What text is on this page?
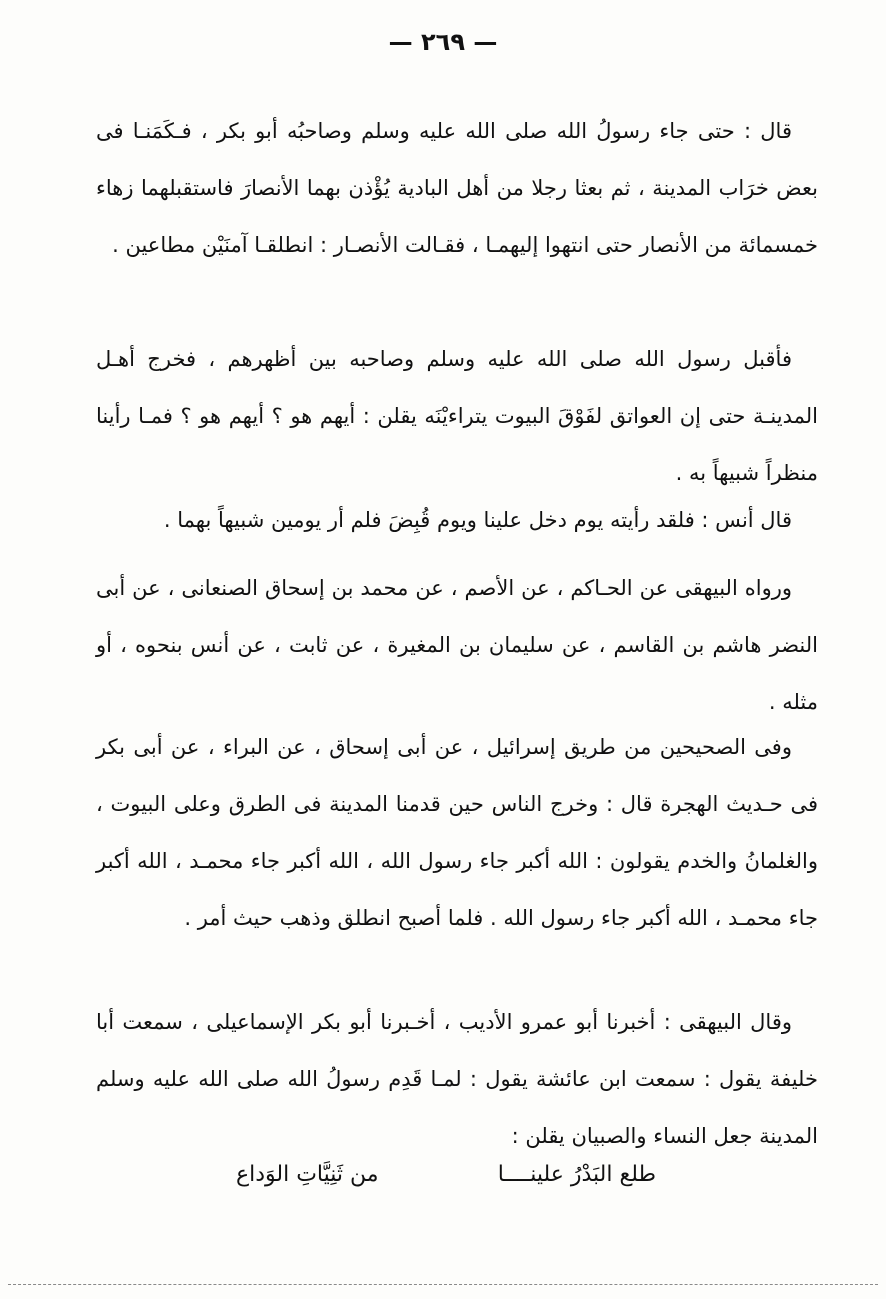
— ٢٦٩ —

قال : حتى جاء رسولُ الله صلى الله عليه وسلم وصاحبُه أبو بكر ، فـكَمَنـا فى بعض خرَاب المدينة ، ثم بعثا رجلا من أهل البادية يُؤْذن بهما الأنصارَ فاستقبلهما زهاء خمسمائة من الأنصار حتى انتهوا إليهمـا ، فقـالت الأنصـار : انطلقـا آمنَيْن مطاعين .

فأقبل رسول الله صلى الله عليه وسلم وصاحبه بين أظهرهم ، فخرج أهـل المدينـة حتى إن العواتق لفَوْقَ البيوت يتراءيْنَه يقلن : أيهم هو ؟ أيهم هو ؟ فمـا رأينا منظراً شبيهاً به .

قال أنس : فلقد رأيته يوم دخل علينا ويوم قُبِضَ فلم أر يومين شبيهاً بهما .

ورواه البيهقى عن الحـاكم ، عن الأصم ، عن محمد بن إسحاق الصنعانى ، عن أبى النضر هاشم بن القاسم ، عن سليمان بن المغيرة ، عن ثابت ، عن أنس بنحوه ، أو مثله .

وفى الصحيحين من طريق إسرائيل ، عن أبى إسحاق ، عن البراء ، عن أبى بكر فى حـديث الهجرة قال : وخرج الناس حين قدمنا المدينة فى الطرق وعلى البيوت ، والغلمانُ والخدم يقولون : الله أكبر جاء رسول الله ، الله أكبر جاء محمـد ، الله أكبر جاء محمـد ، الله أكبر جاء رسول الله . فلما أصبح انطلق وذهب حيث أمر .

وقال البيهقى : أخبرنا أبو عمرو الأديب ، أخـبرنا أبو بكر الإسماعيلى ، سمعت أبا خليفة يقول : سمعت ابن عائشة يقول : لمـا قَدِم رسولُ الله صلى الله عليه وسلم المدينة جعل النساء والصبيان يقلن :

طلع البَدْرُ علينــــا
من ثَنِيَّاتِ الوَداع
